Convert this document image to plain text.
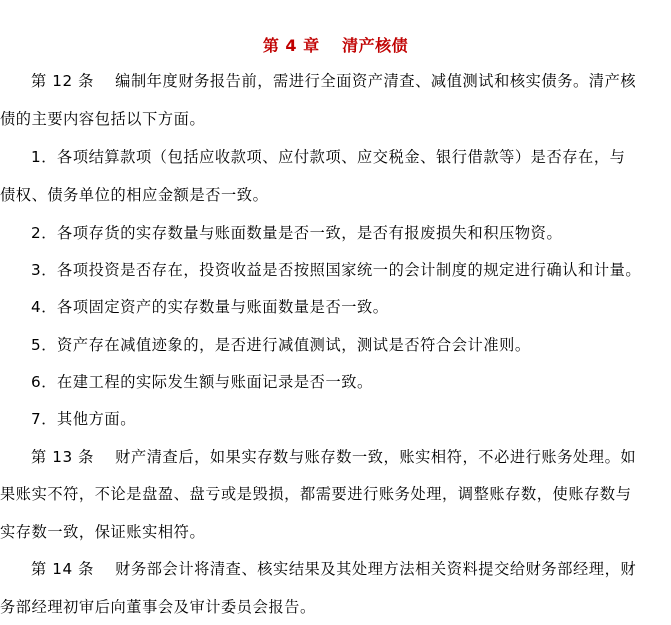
第 4 章　 清产核债
第 12 条　 编制年度财务报告前，需进行全面资产清查、减值测试和核实债务。清产核
债的主要内容包括以下方面。
1．各项结算款项（包括应收款项、应付款项、应交税金、银行借款等）是否存在，与
债权、债务单位的相应金额是否一致。
2．各项存货的实存数量与账面数量是否一致，是否有报废损失和积压物资。
3．各项投资是否存在，投资收益是否按照国家统一的会计制度的规定进行确认和计量。
4．各项固定资产的实存数量与账面数量是否一致。
5．资产存在减值迹象的，是否进行减值测试，测试是否符合会计准则。
6．在建工程的实际发生额与账面记录是否一致。
7．其他方面。
第 13 条　 财产清查后，如果实存数与账存数一致，账实相符，不必进行账务处理。如
果账实不符，不论是盘盈、盘亏或是毁损，都需要进行账务处理，调整账存数，使账存数与
实存数一致，保证账实相符。
第 14 条　 财务部会计将清查、核实结果及其处理方法相关资料提交给财务部经理，财
务部经理初审后向董事会及审计委员会报告。
